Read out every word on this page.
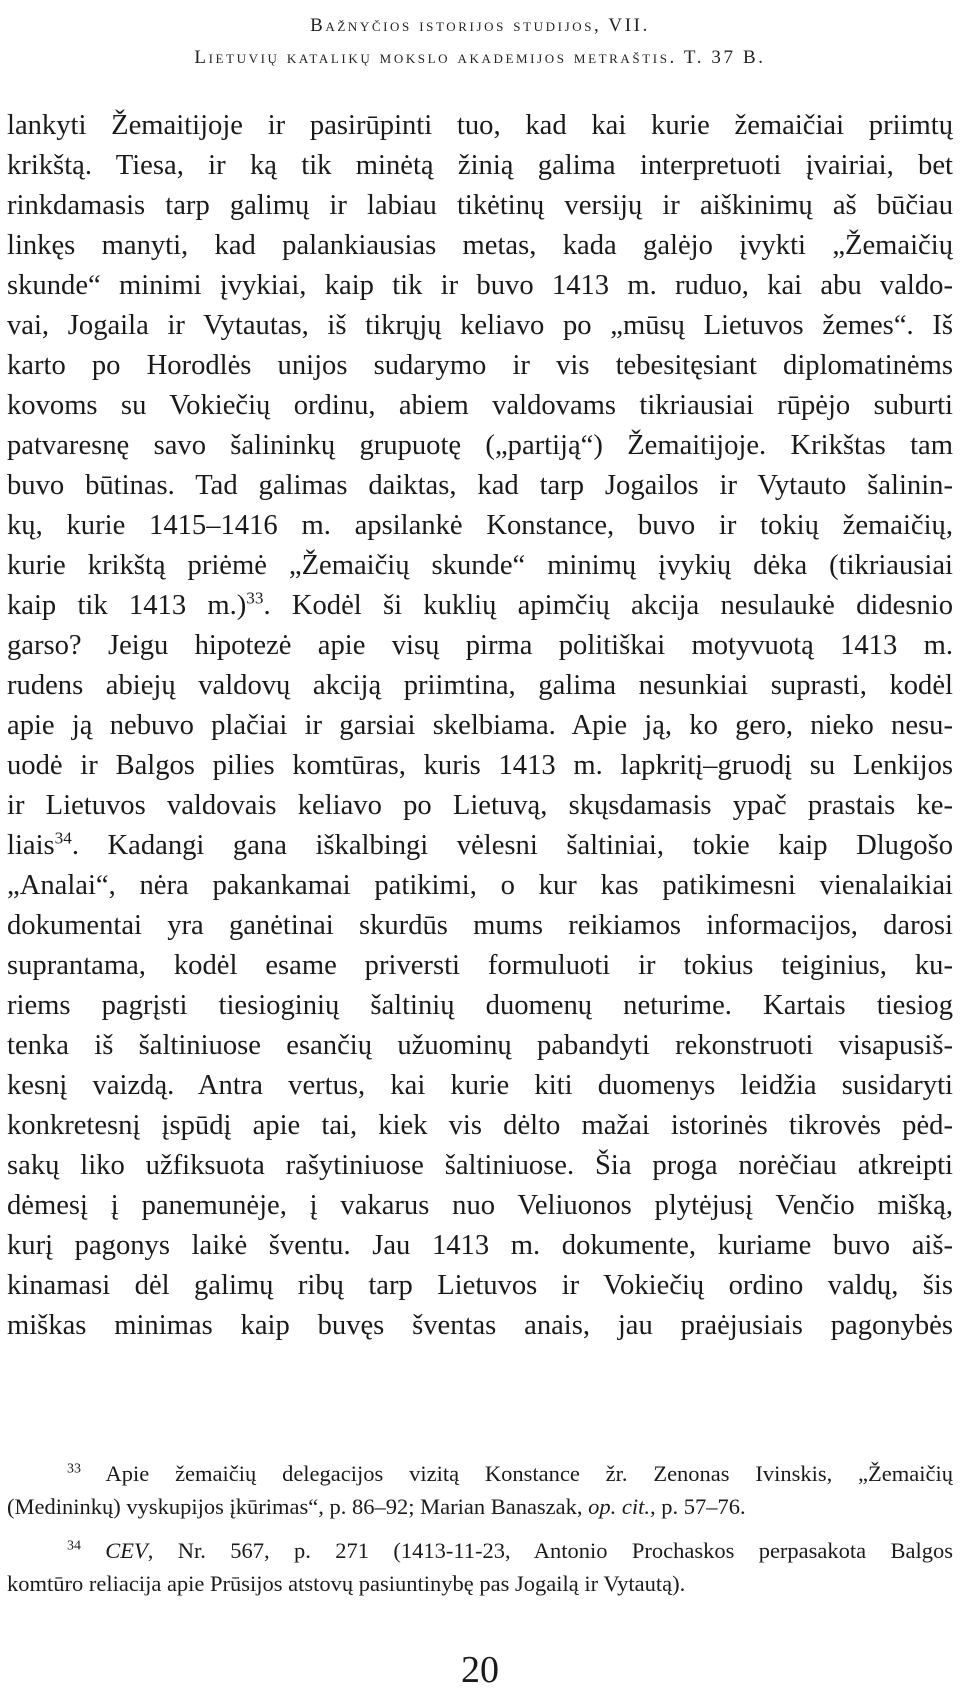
Bažnyčios istorijos studijos, VII.
Lietuvių katalikų mokslo akademijos metraštis. T. 37 B.
lankyti Žemaitijoje ir pasirūpinti tuo, kad kai kurie žemaičiai priimtų
krikštą. Tiesa, ir ką tik minėtą žinią galima interpretuoti įvairiai, bet
rinkdamasis tarp galimų ir labiau tikėtinų versijų ir aiškinimų aš būčiau
linkęs manyti, kad palankiausias metas, kada galėjo įvykti „Žemaičių
skunde“ minimi įvykiai, kaip tik ir buvo 1413 m. ruduo, kai abu valdo-
vai, Jogaila ir Vytautas, iš tikrųjų keliavo po „mūsų Lietuvos žemes“. Iš
karto po Horodlės unijos sudarymo ir vis tebesitęsiant diplomatinėms
kovoms su Vokiečių ordinu, abiem valdovams tikriausiai rūpėjo suburti
patvaresnę savo šalininkų grupuotę („partiją“) Žemaitijoje. Krikštas tam
buvo būtinas. Tad galimas daiktas, kad tarp Jogailos ir Vytauto šalinin-
kų, kurie 1415–1416 m. apsilankė Konstance, buvo ir tokių žemaičių,
kurie krikštą priėmė „Žemaičių skunde“ minimų įvykių dėka (tikriausiai
kaip tik 1413 m.)$^{33}$. Kodėl ši kuklių apimčių akcija nesulaukė didesnio
garso? Jeigu hipotezė apie visų pirma politiškai motyvuotą 1413 m.
rudens abiejų valdovų akciją priimtina, galima nesunkiai suprasti, kodėl
apie ją nebuvo plačiai ir garsiai skelbiama. Apie ją, ko gero, nieko nesu-
uodė ir Balgos pilies komtūras, kuris 1413 m. lapkritį–gruodį su Lenkijos
ir Lietuvos valdovais keliavo po Lietuvą, skųsdamasis ypač prastais ke-
liais$^{34}$. Kadangi gana iškalbingi vėlesni šaltiniai, tokie kaip Dlugošo
„Analai“, nėra pakankamai patikimi, o kur kas patikimesni vienalaikiai
dokumentai yra ganėtinai skurdūs mums reikiamos informacijos, darosi
suprantama, kodėl esame priversti formuluoti ir tokius teiginius, ku-
riems pagrįsti tiesioginių šaltinių duomenų neturime. Kartais tiesiog
tenka iš šaltiniuose esančių užuominų pabandyti rekonstruoti visapusiš-
kesnį vaizdą. Antra vertus, kai kurie kiti duomenys leidžia susidaryti
konkretesnį įspūdį apie tai, kiek vis dėlto mažai istorinės tikrovės pėd-
sakų liko užfiksuota rašytiniuose šaltiniuose. Šia proga norėčiau atkreipti
dėmesį į panemunėje, į vakarus nuo Veliuonos plytėjusį Venčio mišką,
kurį pagonys laikė šventu. Jau 1413 m. dokumente, kuriame buvo aiš-
kinamasi dėl galimų ribų tarp Lietuvos ir Vokiečių ordino valdų, šis
miškas minimas kaip buvęs šventas anais, jau praėjusiais pagonybės
$^{33}$ Apie žemaičių delegacijos vizitą Konstance žr. Zenonas Ivinskis, „Žemaičių
(Medininkų) vyskupijos įkūrimas“, p. 86–92; Marian Banaszak, op. cit., p. 57–76.
$^{34}$ CEV, Nr. 567, p. 271 (1413-11-23, Antonio Prochaskos perpasakota Balgos
komtūro reliacija apie Prūsijos atstovų pasiuntinybę pas Jogailą ir Vytautą).
20
